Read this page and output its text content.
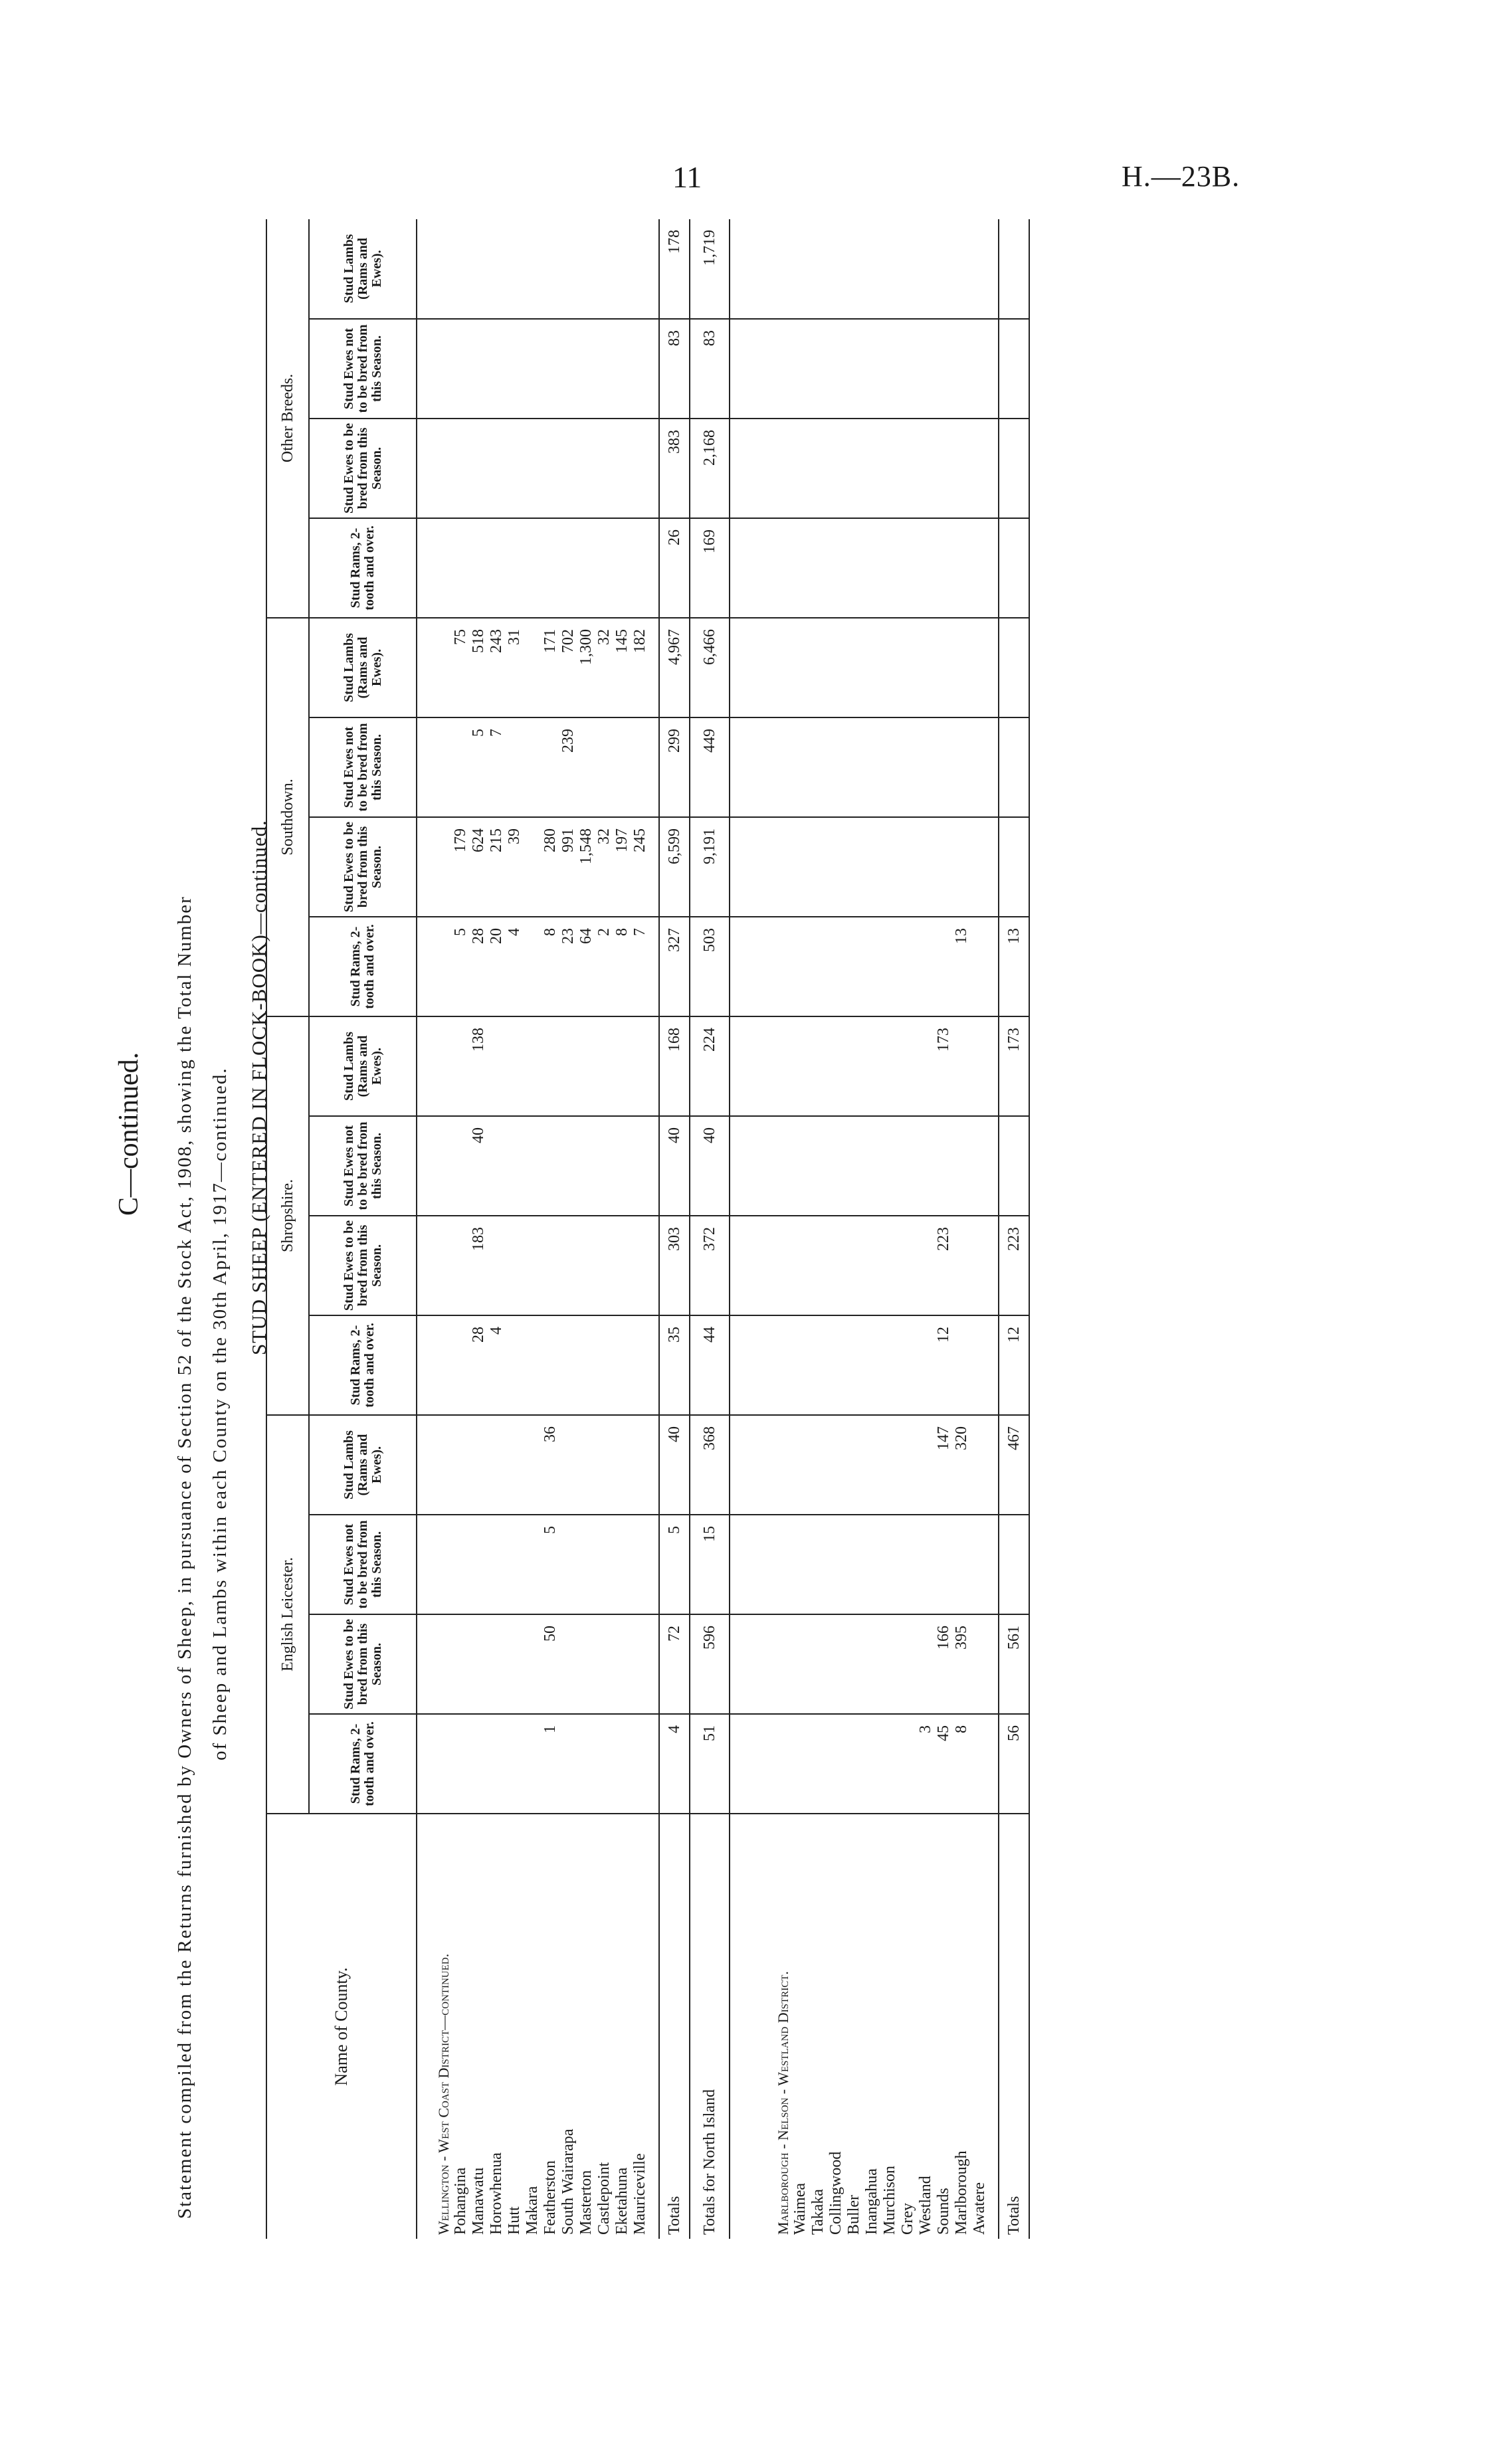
11	H.—23B.
Statement compiled from the Returns furnished by Owners of Sheep, in pursuance of Section 52 of the Stock Act, 1908, showing the Total Number of Sheep and Lambs within each County on the 30th April, 1917—continued. STUD SHEEP (ENTERED IN FLOCK-BOOK)—continued.
C—continued.
Name of County.	English Leicester.				Shropshire.				Southdown.				Other Breeds.			
	Stud Rams, 2-tooth and over.	Stud Ewes to be bred from this Season.	Stud Ewes not to be bred from this Season.	Stud Lambs (Rams and Ewes).	Stud Rams, 2-tooth and over.	Stud Ewes to be bred from this Season.	Stud Ewes not to be bred from this Season.	Stud Lambs (Rams and Ewes).	Stud Rams, 2-tooth and over.	Stud Ewes to be bred from this Season.	Stud Ewes not to be bred from this Season.	Stud Lambs (Rams and Ewes).	Stud Rams, 2-tooth and over.	Stud Ewes to be bred from this Season.	Stud Ewes not to be bred from this Season.	Stud Lambs (Rams and Ewes).
Wellington - West Coast District—continued.																
Pohangina									5	179		75				
Manawatu					28	183	40	138	28	624	5	518				
Horowhenua					4				20	215	7	243				
Hutt									4	39		31				
Makara																
Featherston	1	50	5	36					8	280		171				
South Wairarapa									23	991	239	702				
Masterton									64	1,548		1,300				
Castlepoint									2	32		32				
Eketahuna									8	197		145				
Mauriceville									7	245		182				

Totals	4	72	5	40	35	303	40	168	327	6,599	299	4,967	26	383	83	178
Totals for North Island	51	596	15	368	44	372	40	224	503	9,191	449	6,466	169	2,168	83	1,719

Marlborough - Nelson - Westland District.																
Waimea																
Takaka																
Collingwood																
Buller																
Inangahua																
Murchison																
Grey																
Westland	3															
Sounds	45	166		147	12	223		173								
Marlborough	8	395		320					13							
Awatere																

Totals	56	561		467	12	223		173	13							
